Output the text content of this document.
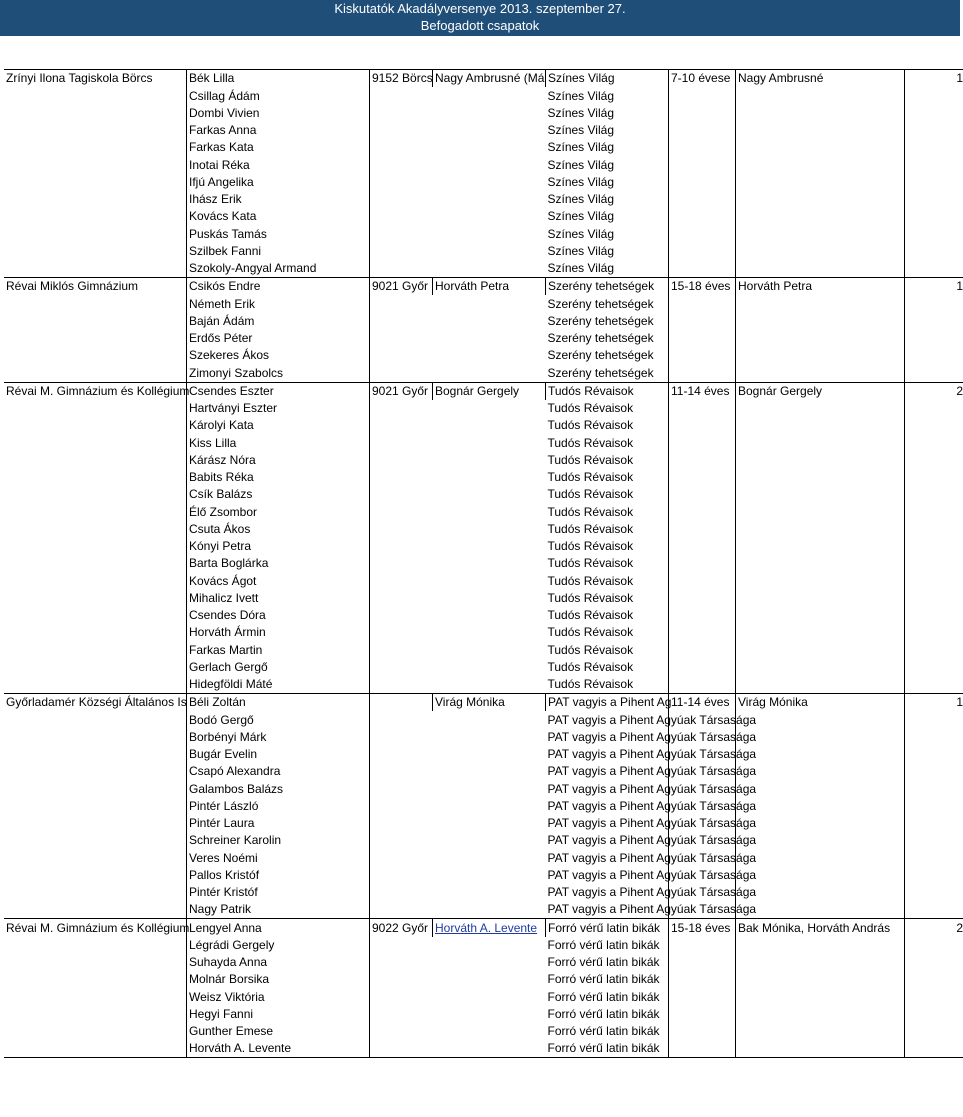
Kiskutatók Akadályversenye 2013. szeptember 27.
Befogadott csapatok
Zrínyi Ilona Tagiskola Börcs	Bék Lilla	9152 Börcs	Nagy Ambrusné (Má	Színes Világ	7-10 évese	Nagy Ambrusné	1
	Csillag Ádám			Színes Világ			
	Dombi Vivien			Színes Világ			
	Farkas Anna			Színes Világ			
	Farkas Kata			Színes Világ			
	Inotai Réka			Színes Világ			
	Ifjú Angelika			Színes Világ			
	Ihász Erik			Színes Világ			
	Kovács Kata			Színes Világ			
	Puskás Tamás			Színes Világ			
	Szilbek Fanni			Színes Világ			
	Szokoly-Angyal Armand			Színes Világ			
Révai Miklós Gimnázium	Csikós Endre	9021 Győr	Horváth Petra	Szerény tehetségek	15-18 éves	Horváth Petra	1
	Németh Erik			Szerény tehetségek			
	Baján Ádám			Szerény tehetségek			
	Erdős Péter			Szerény tehetségek			
	Szekeres Ákos			Szerény tehetségek			
	Zimonyi Szabolcs			Szerény tehetségek			
Révai M. Gimnázium és Kollégium	Csendes Eszter	9021 Győr	Bognár Gergely	Tudós Révaisok	11-14 éves	Bognár Gergely	2
	Hartványi Eszter			Tudós Révaisok			
	Károlyi Kata			Tudós Révaisok			
	Kiss Lilla			Tudós Révaisok			
	Kárász Nóra			Tudós Révaisok			
	Babits Réka			Tudós Révaisok			
	Csík Balázs			Tudós Révaisok			
	Élő Zsombor			Tudós Révaisok			
	Csuta Ákos			Tudós Révaisok			
	Kónyi Petra			Tudós Révaisok			
	Barta Boglárka			Tudós Révaisok			
	Kovács Ágot			Tudós Révaisok			
	Mihalicz Ivett			Tudós Révaisok			
	Csendes Dóra			Tudós Révaisok			
	Horváth Ármin			Tudós Révaisok			
	Farkas Martin			Tudós Révaisok			
	Gerlach Gergő			Tudós Révaisok			
	Hidegföldi Máté			Tudós Révaisok			
Győrladamér Községi Általános Is	Béli Zoltán		Virág Mónika	PAT vagyis a Pihent Ag	11-14 éves	Virág Mónika	1
	Bodó Gergő			PAT vagyis a Pihent Agyúak Társasága			
	Borbényi Márk			PAT vagyis a Pihent Agyúak Társasága			
	Bugár Evelin			PAT vagyis a Pihent Agyúak Társasága			
	Csapó Alexandra			PAT vagyis a Pihent Agyúak Társasága			
	Galambos Balázs			PAT vagyis a Pihent Agyúak Társasága			
	Pintér László			PAT vagyis a Pihent Agyúak Társasága			
	Pintér Laura			PAT vagyis a Pihent Agyúak Társasága			
	Schreiner Karolin			PAT vagyis a Pihent Agyúak Társasága			
	Veres Noémi			PAT vagyis a Pihent Agyúak Társasága			
	Pallos Kristóf			PAT vagyis a Pihent Agyúak Társasága			
	Pintér Kristóf			PAT vagyis a Pihent Agyúak Társasága			
	Nagy Patrik			PAT vagyis a Pihent Agyúak Társasága			
Révai M. Gimnázium és Kollégium	Lengyel Anna	9022 Győr	Horváth A. Levente	Forró vérű latin bikák	15-18 éves	Bak Mónika, Horváth András	2
	Légrádi Gergely			Forró vérű latin bikák			
	Suhayda Anna			Forró vérű latin bikák			
	Molnár Borsika			Forró vérű latin bikák			
	Weisz Viktória			Forró vérű latin bikák			
	Hegyi Fanni			Forró vérű latin bikák			
	Gunther Emese			Forró vérű latin bikák			
	Horváth A. Levente			Forró vérű latin bikák			
